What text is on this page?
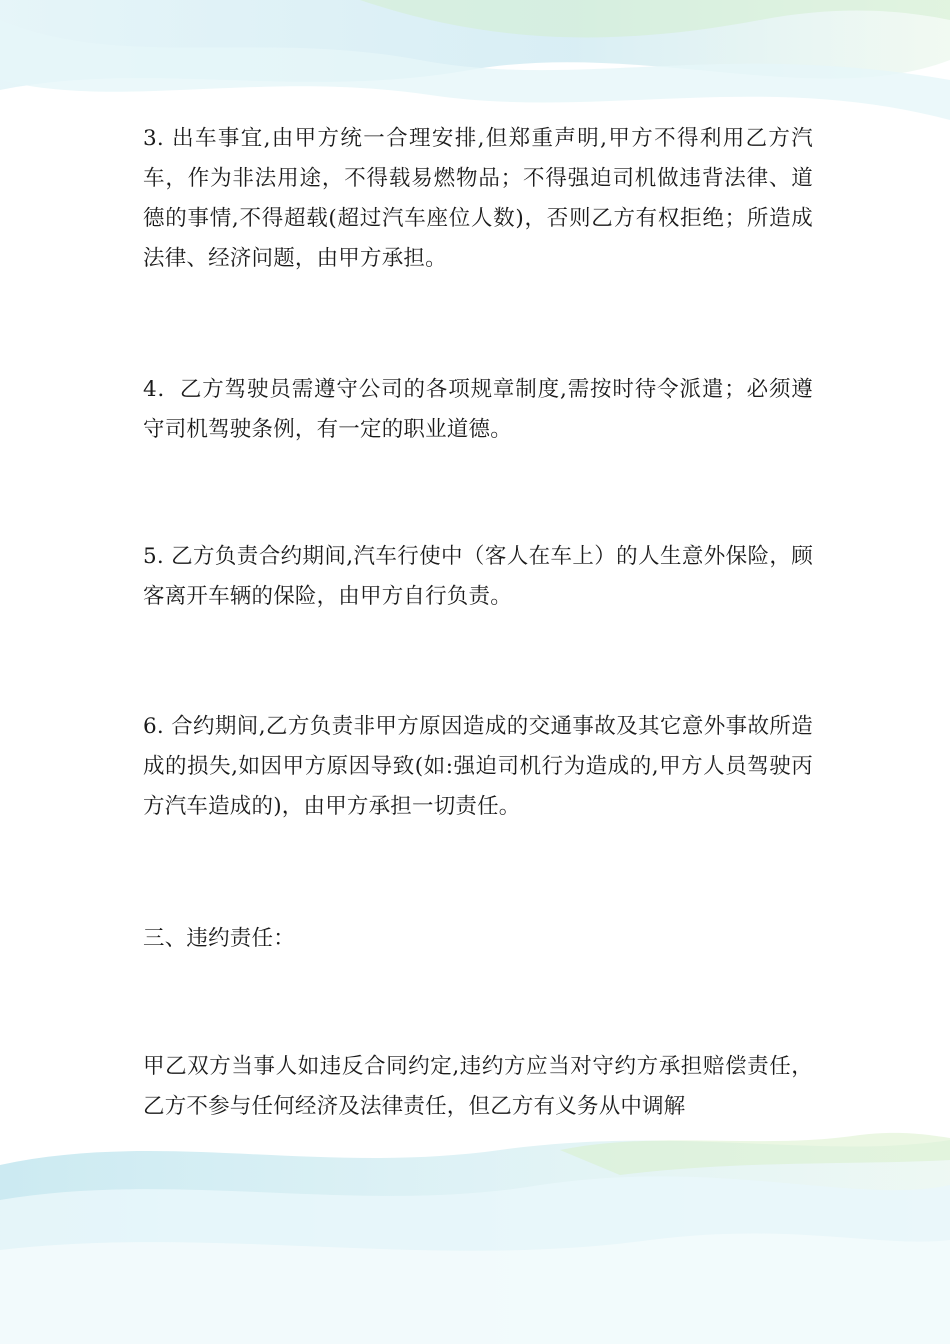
3. 出车事宜,由甲方统一合理安排,但郑重声明,甲方不得利用乙方汽车，作为非法用途，不得载易燃物品；不得强迫司机做违背法律、道德的事情,不得超载(超过汽车座位人数)，否则乙方有权拒绝；所造成法律、经济问题，由甲方承担。

4．乙方驾驶员需遵守公司的各项规章制度,需按时待令派遣；必须遵守司机驾驶条例，有一定的职业道德。

5. 乙方负责合约期间,汽车行使中（客人在车上）的人生意外保险，顾客离开车辆的保险，由甲方自行负责。

6. 合约期间,乙方负责非甲方原因造成的交通事故及其它意外事故所造成的损失,如因甲方原因导致(如:强迫司机行为造成的,甲方人员驾驶丙方汽车造成的)，由甲方承担一切责任。

三、违约责任：

甲乙双方当事人如违反合同约定,违约方应当对守约方承担赔偿责任，乙方不参与任何经济及法律责任，但乙方有义务从中调解
